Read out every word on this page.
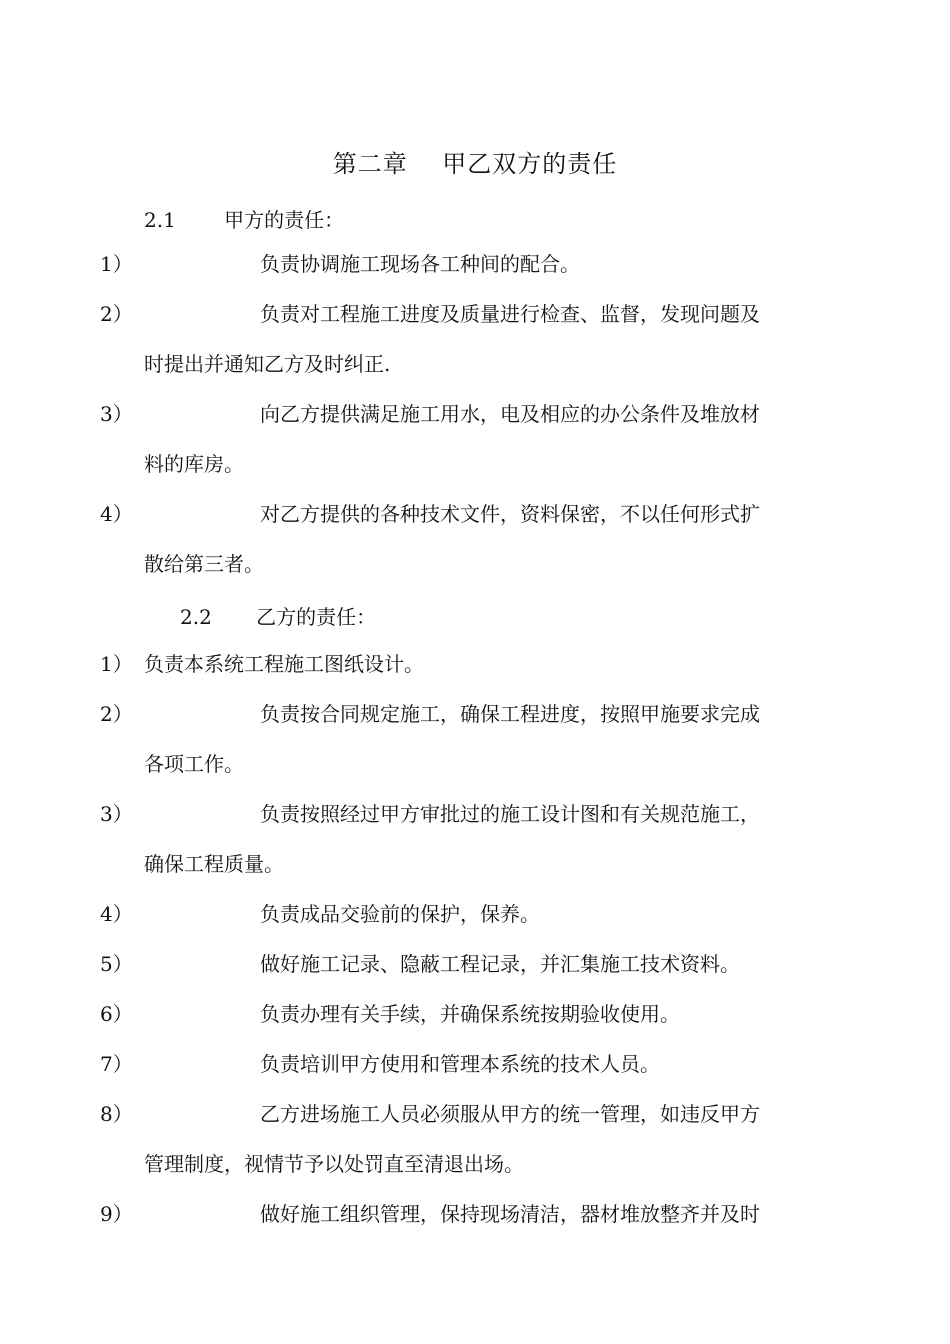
第二章    甲乙双方的责任
2.1 甲方的责任：
1）	负责协调施工现场各工种间的配合。
2）	负责对工程施工进度及质量进行检查、监督，发现问题及
时提出并通知乙方及时纠正.
3）	向乙方提供满足施工用水，电及相应的办公条件及堆放材
料的库房。
4）	对乙方提供的各种技术文件，资料保密，不以任何形式扩
散给第三者。
2.2 乙方的责任：
1） 负责本系统工程施工图纸设计。
2）	负责按合同规定施工，确保工程进度，按照甲施要求完成
各项工作。
3）	负责按照经过甲方审批过的施工设计图和有关规范施工，
确保工程质量。
4）	负责成品交验前的保护，保养。
5）	做好施工记录、隐蔽工程记录，并汇集施工技术资料。
6）	负责办理有关手续，并确保系统按期验收使用。
7）	负责培训甲方使用和管理本系统的技术人员。
8）	乙方进场施工人员必须服从甲方的统一管理，如违反甲方
管理制度，视情节予以处罚直至清退出场。
9）	做好施工组织管理，保持现场清洁，器材堆放整齐并及时
